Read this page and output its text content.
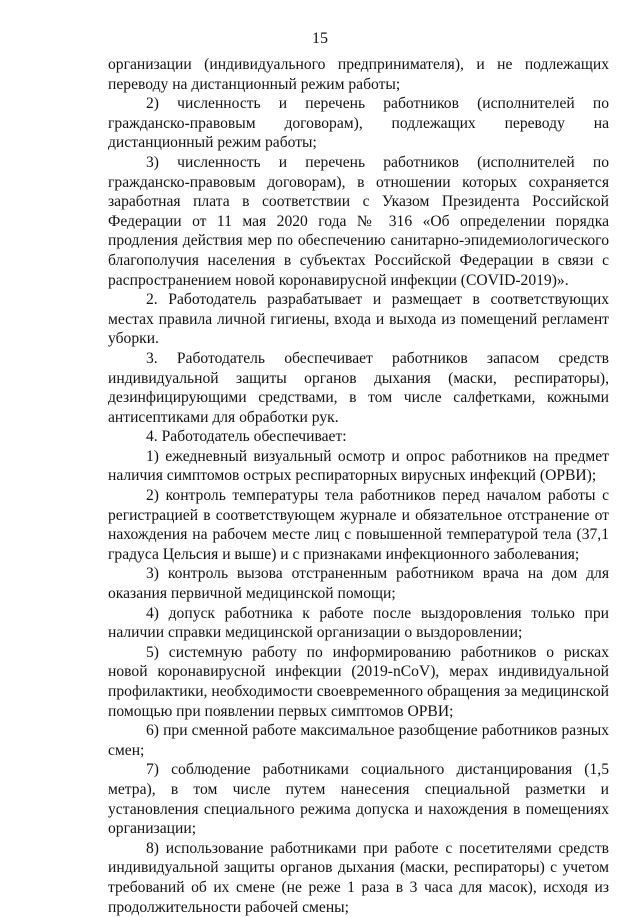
15

организации (индивидуального предпринимателя), и не подлежащих переводу на дистанционный режим работы;

2) численность и перечень работников (исполнителей по гражданско-правовым договорам), подлежащих переводу на дистанционный режим работы;

3) численность и перечень работников (исполнителей по гражданско-правовым договорам), в отношении которых сохраняется заработная плата в соответствии с Указом Президента Российской Федерации от 11 мая 2020 года № 316 «Об определении порядка продления действия мер по обеспечению санитарно-эпидемиологического благополучия населения в субъектах Российской Федерации в связи с распространением новой коронавирусной инфекции (COVID-2019)».

2. Работодатель разрабатывает и размещает в соответствующих местах правила личной гигиены, входа и выхода из помещений регламент уборки.

3. Работодатель обеспечивает работников запасом средств индивидуальной защиты органов дыхания (маски, респираторы), дезинфицирующими средствами, в том числе салфетками, кожными антисептиками для обработки рук.

4. Работодатель обеспечивает:

1) ежедневный визуальный осмотр и опрос работников на предмет наличия симптомов острых респираторных вирусных инфекций (ОРВИ);

2) контроль температуры тела работников перед началом работы с регистрацией в соответствующем журнале и обязательное отстранение от нахождения на рабочем месте лиц с повышенной температурой тела (37,1 градуса Цельсия и выше) и с признаками инфекционного заболевания;

3) контроль вызова отстраненным работником врача на дом для оказания первичной медицинской помощи;

4) допуск работника к работе после выздоровления только при наличии справки медицинской организации о выздоровлении;

5) системную работу по информированию работников о рисках новой коронавирусной инфекции (2019-nCoV), мерах индивидуальной профилактики, необходимости своевременного обращения за медицинской помощью при появлении первых симптомов ОРВИ;

6) при сменной работе максимальное разобщение работников разных смен;

7) соблюдение работниками социального дистанцирования (1,5 метра), в том числе путем нанесения специальной разметки и установления специального режима допуска и нахождения в помещениях организации;

8) использование работниками при работе с посетителями средств индивидуальной защиты органов дыхания (маски, респираторы) с учетом требований об их смене (не реже 1 раза в 3 часа для масок), исходя из продолжительности рабочей смены;
